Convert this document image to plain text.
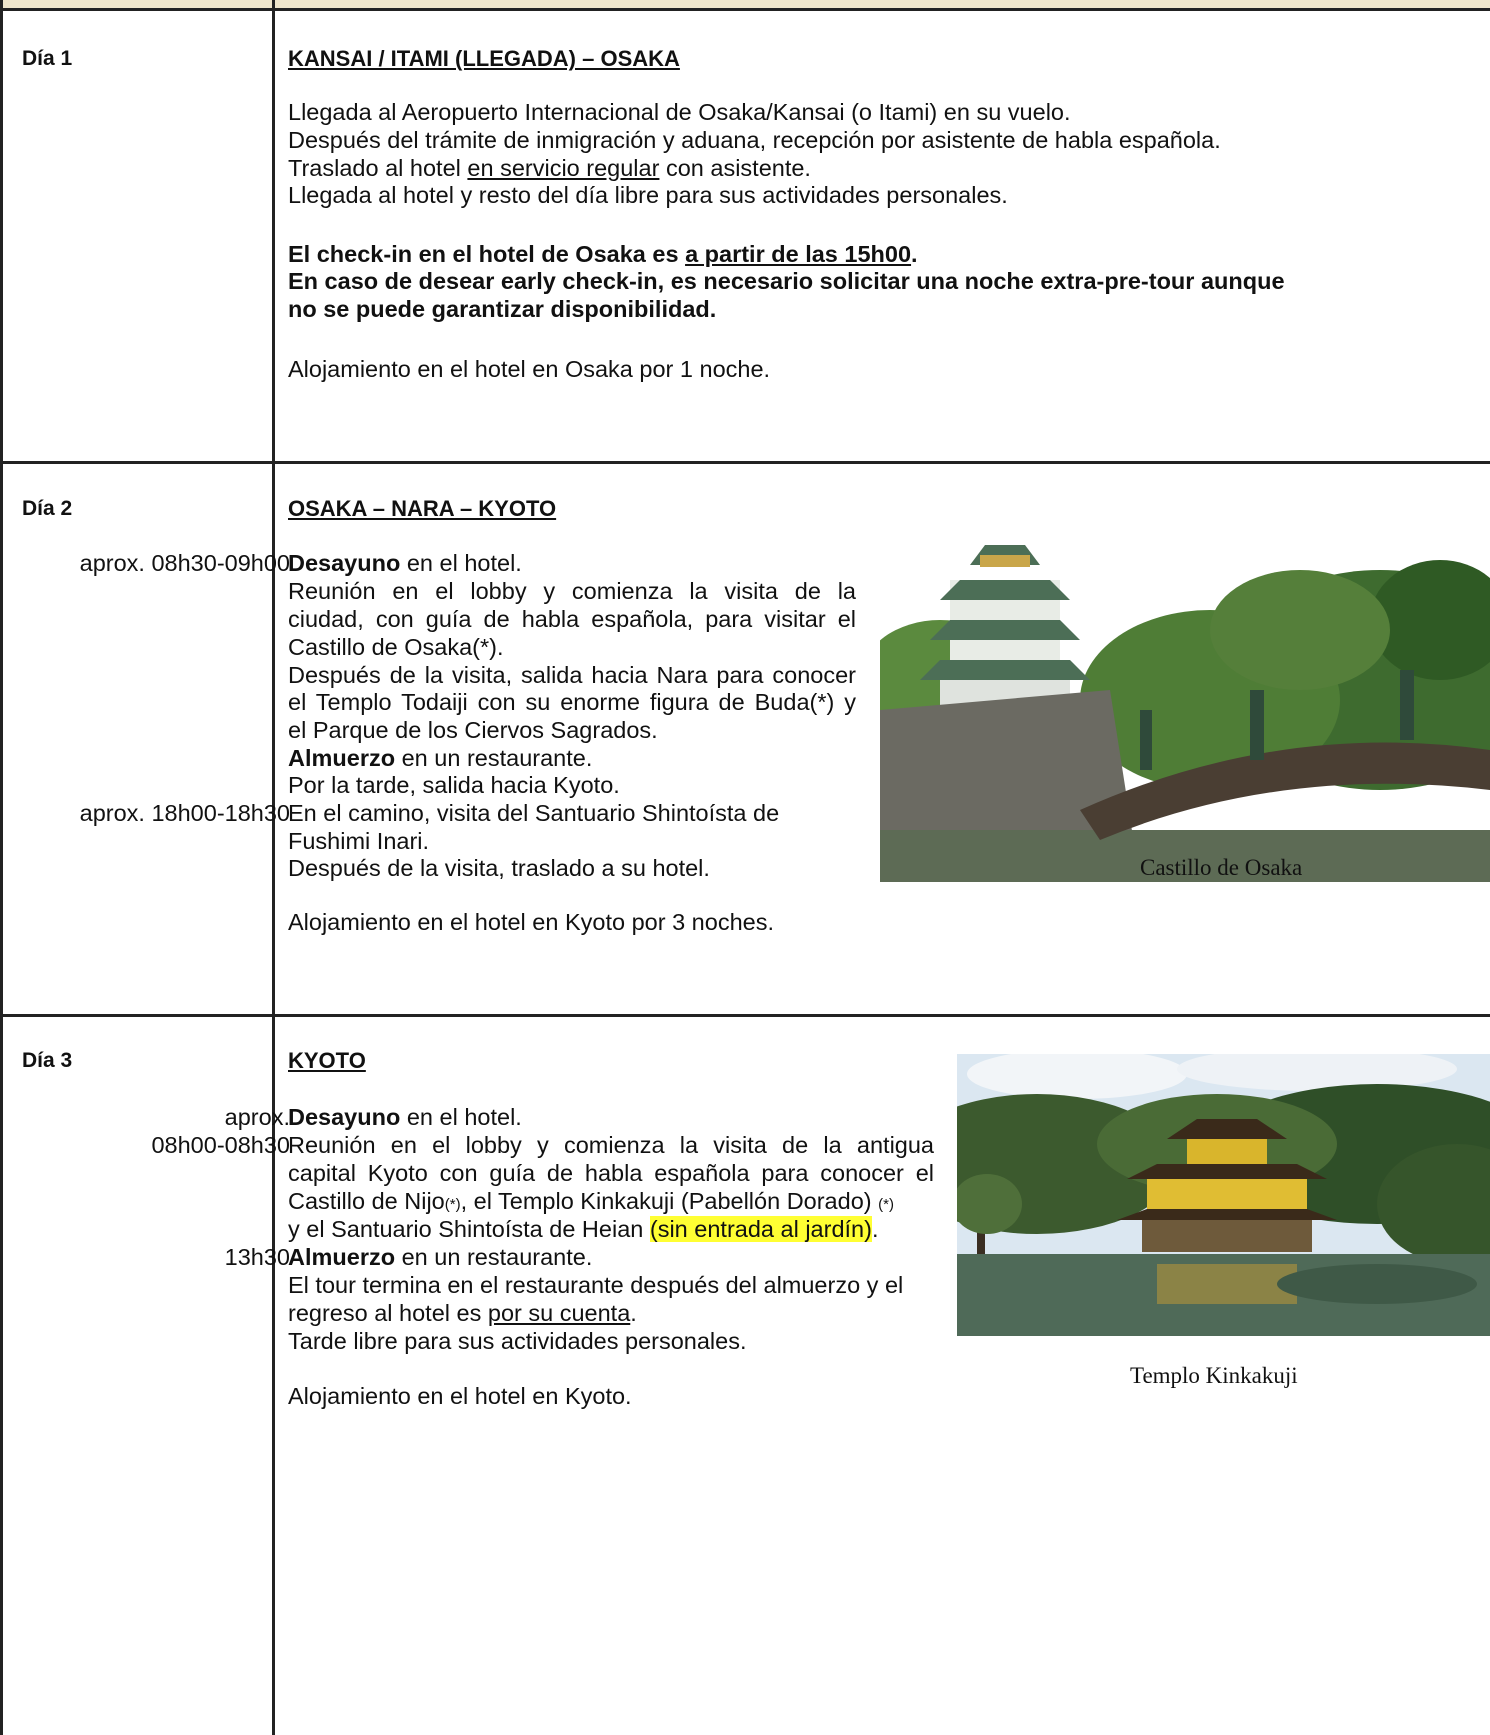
Día 1	KANSAI / ITAMI (LLEGADA) – OSAKA
Llegada al Aeropuerto Internacional de Osaka/Kansai (o Itami) en su vuelo.
Después del trámite de inmigración y aduana, recepción por asistente de habla española.
Traslado al hotel en servicio regular con asistente.
Llegada al hotel y resto del día libre para sus actividades personales.
El check-in en el hotel de Osaka es a partir de las 15h00.
En caso de desear early check-in, es necesario solicitar una noche extra-pre-tour aunque
no se puede garantizar disponibilidad.
Alojamiento en el hotel en Osaka por 1 noche.
Día 2
aprox. 08h30-09h00
aprox. 18h00-18h30
OSAKA – NARA – KYOTO
Desayuno en el hotel.
Reunión en el lobby y comienza la visita de la
ciudad, con guía de habla española, para visitar el
Castillo de Osaka(*).
Después de la visita, salida hacia Nara para conocer
el Templo Todaiji con su enorme figura de Buda(*) y
el Parque de los Ciervos Sagrados.
Almuerzo en un restaurante.
Por la tarde, salida hacia Kyoto.
En el camino, visita del Santuario Shintoísta de
Fushimi Inari.
Después de la visita, traslado a su hotel.
Alojamiento en el hotel en Kyoto por 3 noches.
Castillo de Osaka
Día 3
aprox.
08h00-08h30
13h30
KYOTO
Desayuno en el hotel.
Reunión en el lobby y comienza la visita de la antigua
capital Kyoto con guía de habla española para conocer el
Castillo de Nijo(*), el Templo Kinkakuji (Pabellón Dorado) (*)
y el Santuario Shintoísta de Heian (sin entrada al jardín).
Almuerzo en un restaurante.
El tour termina en el restaurante después del almuerzo y el
regreso al hotel es por su cuenta.
Tarde libre para sus actividades personales.
Alojamiento en el hotel en Kyoto.
Templo Kinkakuji
